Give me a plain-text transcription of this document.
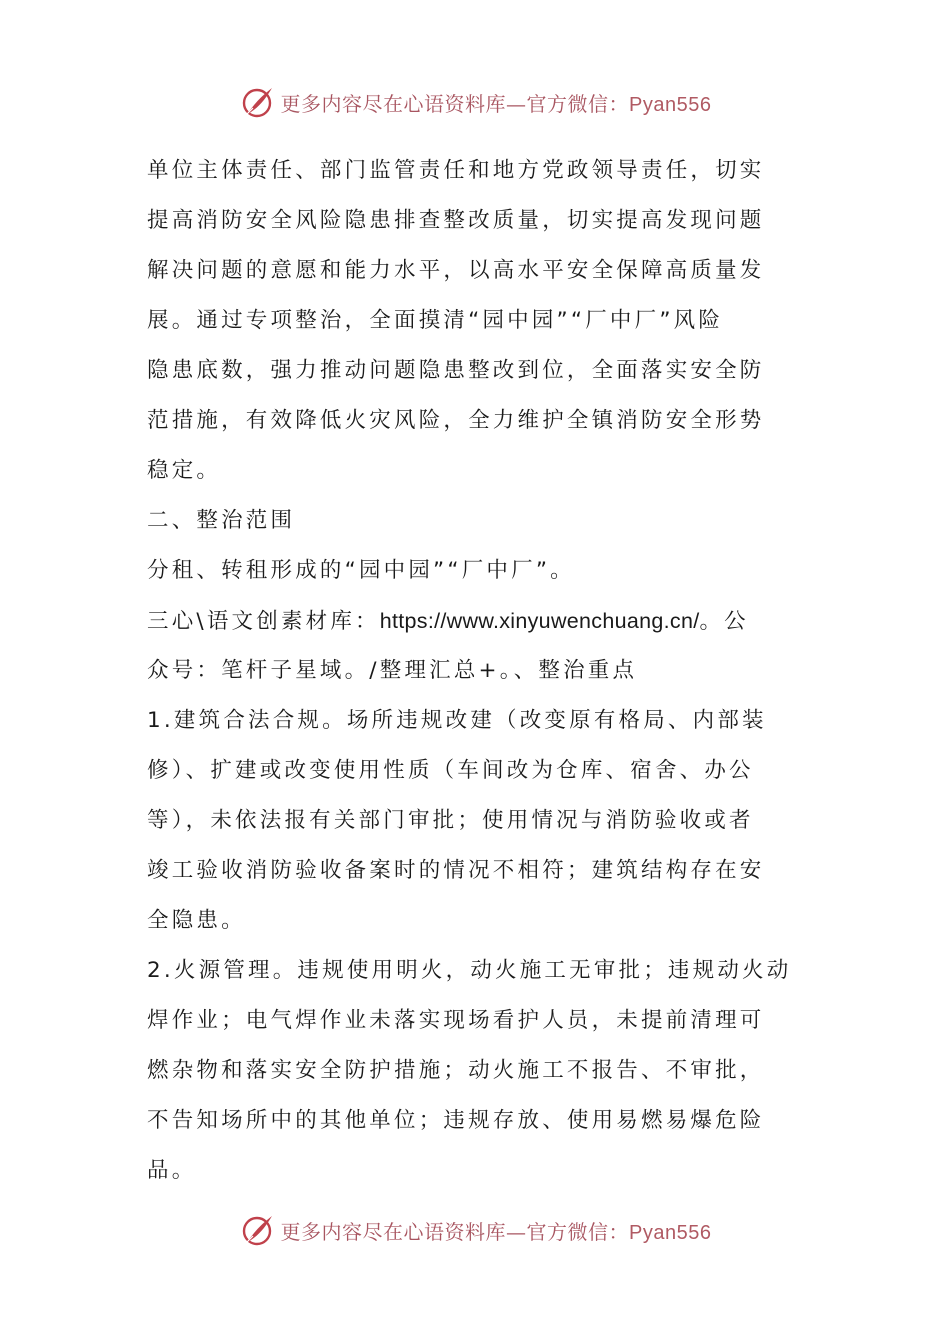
更多内容尽在心语资料库—官方微信：Pyan556
单位主体责任、部门监管责任和地方党政领导责任，切实
提高消防安全风险隐患排查整改质量，切实提高发现问题
解决问题的意愿和能力水平，以高水平安全保障高质量发
展。通过专项整治，全面摸清“园中园”“厂中厂”风险
隐患底数，强力推动问题隐患整改到位，全面落实安全防
范措施，有效降低火灾风险，全力维护全镇消防安全形势
稳定。
二、整治范围
分租、转租形成的“园中园”“厂中厂”。
三心\语文创素材库：https://www.xinyuwenchuang.cn/。公
众号：笔杆子星域。/整理汇总+。、整治重点
1.建筑合法合规。场所违规改建（改变原有格局、内部装
修）、扩建或改变使用性质（车间改为仓库、宿舍、办公
等），未依法报有关部门审批；使用情况与消防验收或者
竣工验收消防验收备案时的情况不相符；建筑结构存在安
全隐患。
2.火源管理。违规使用明火，动火施工无审批；违规动火动
焊作业；电气焊作业未落实现场看护人员，未提前清理可
燃杂物和落实安全防护措施；动火施工不报告、不审批，
不告知场所中的其他单位；违规存放、使用易燃易爆危险
品。
更多内容尽在心语资料库—官方微信：Pyan556
